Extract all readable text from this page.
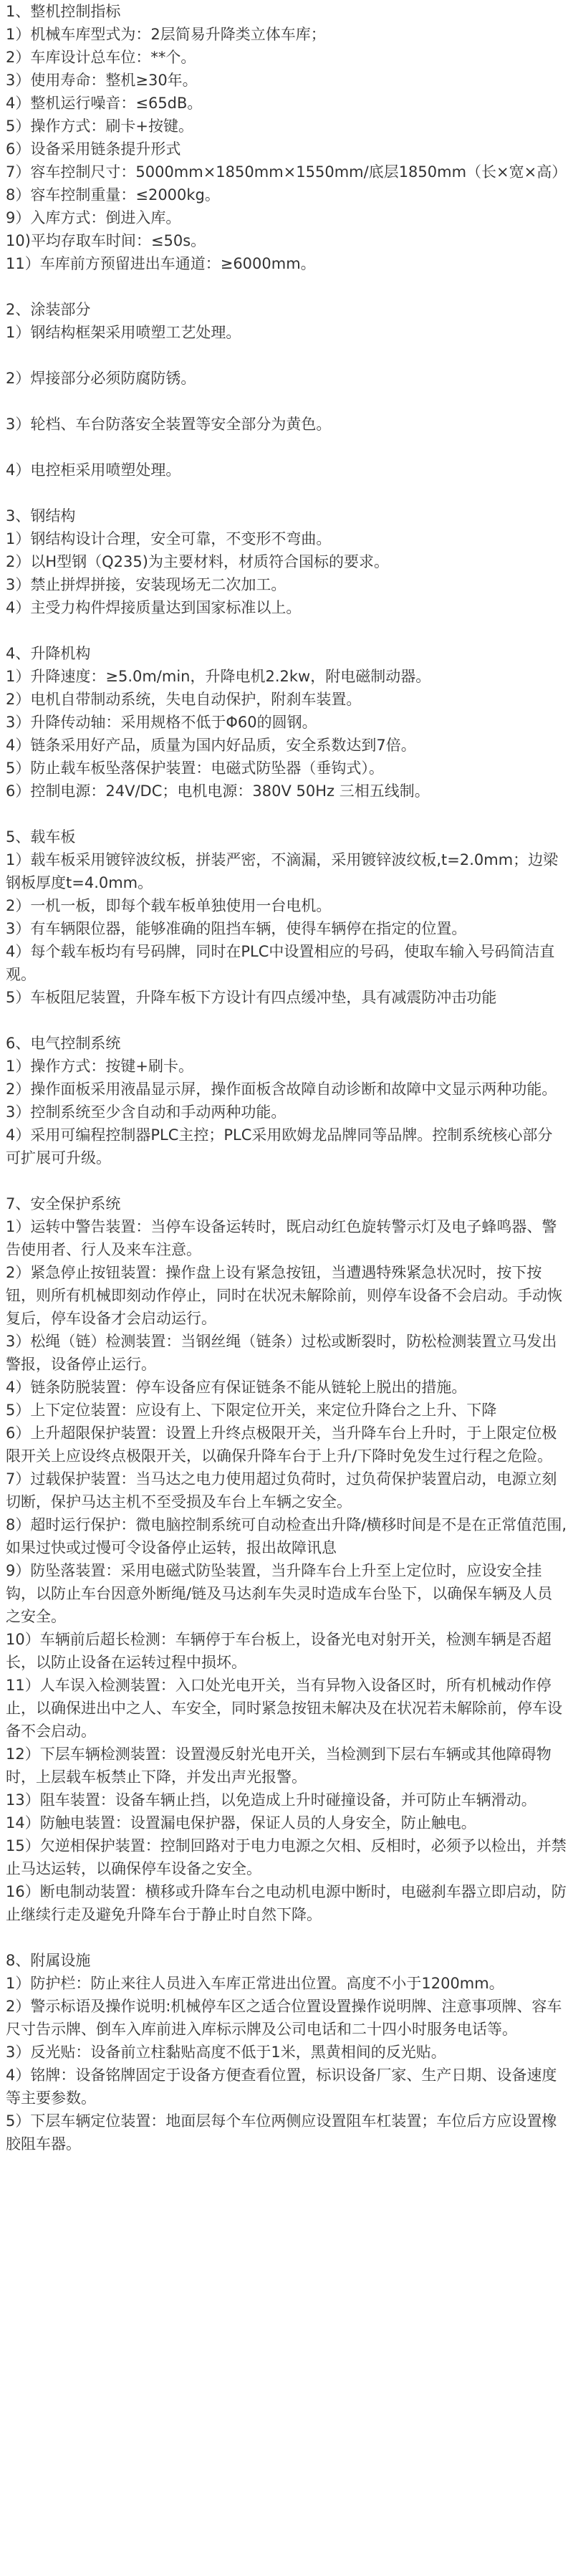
1、整机控制指标
1）机械车库型式为：2层简易升降类立体车库；
2）车库设计总车位：**个。
3）使用寿命：整机≥30年。
4）整机运行噪音：≤65dB。
5）操作方式：刷卡+按键。
6）设备采用链条提升形式
7）容车控制尺寸：5000mm×1850mm×1550mm/底层1850mm（长×宽×高）
8）容车控制重量：≤2000kg。
9）入库方式：倒进入库。
10)平均存取车时间：≤50s。
11）车库前方预留进出车通道：≥6000mm。
2、涂装部分
1）钢结构框架采用喷塑工艺处理。
2）焊接部分必须防腐防锈。
3）轮档、车台防落安全装置等安全部分为黄色。
4）电控柜采用喷塑处理。
3、钢结构
1）钢结构设计合理，安全可靠，不变形不弯曲。
2）以H型钢（Q235)为主要材料，材质符合国标的要求。
3）禁止拼焊拼接，安装现场无二次加工。
4）主受力构件焊接质量达到国家标准以上。
4、升降机构
1）升降速度：≥5.0m/min，升降电机2.2kw，附电磁制动器。
2）电机自带制动系统，失电自动保护，附刹车装置。
3）升降传动轴：采用规格不低于Φ60的圆钢。
4）链条采用好产品，质量为国内好品质，安全系数达到7倍。
5）防止载车板坠落保护装置：电磁式防坠器（垂钩式）。
6）控制电源：24V/DC；电机电源：380V 50Hz 三相五线制。
5、载车板
1）载车板采用镀锌波纹板，拼装严密，不滴漏，采用镀锌波纹板,t=2.0mm；边梁钢板厚度t=4.0mm。
2）一机一板，即每个载车板单独使用一台电机。
3）有车辆限位器，能够准确的阻挡车辆，使得车辆停在指定的位置。
4）每个载车板均有号码牌，同时在PLC中设置相应的号码，使取车输入号码简洁直观。
5）车板阻尼装置，升降车板下方设计有四点缓冲垫，具有减震防冲击功能
6、电气控制系统
1）操作方式：按键+刷卡。
2）操作面板采用液晶显示屏，操作面板含故障自动诊断和故障中文显示两种功能。
3）控制系统至少含自动和手动两种功能。
4）采用可编程控制器PLC主控；PLC采用欧姆龙品牌同等品牌。控制系统核心部分可扩展可升级。
7、安全保护系统
1）运转中警告装置：当停车设备运转时，既启动红色旋转警示灯及电子蜂鸣器、警告使用者、行人及来车注意。
2）紧急停止按钮装置：操作盘上设有紧急按钮，当遭遇特殊紧急状况时，按下按钮，则所有机械即刻动作停止，同时在状况未解除前，则停车设备不会启动。手动恢复后，停车设备才会启动运行。
3）松绳（链）检测装置：当钢丝绳（链条）过松或断裂时，防松检测装置立马发出警报，设备停止运行。
4）链条防脱装置：停车设备应有保证链条不能从链轮上脱出的措施。
5）上下定位装置：应设有上、下限定位开关，来定位升降台之上升、下降
6）上升超限保护装置：设置上升终点极限开关，当升降车台上升时，于上限定位极限开关上应设终点极限开关，以确保升降车台于上升/下降时免发生过行程之危险。
7）过载保护装置：当马达之电力使用超过负荷时，过负荷保护装置启动，电源立刻切断，保护马达主机不至受损及车台上车辆之安全。
8）超时运行保护：微电脑控制系统可自动检查出升降/横移时间是不是在正常值范围,如果过快或过慢可令设备停止运转，报出故障讯息
9）防坠落装置：采用电磁式防坠装置，当升降车台上升至上定位时，应设安全挂钩，以防止车台因意外断绳/链及马达刹车失灵时造成车台坠下，以确保车辆及人员之安全。
10）车辆前后超长检测：车辆停于车台板上，设备光电对射开关，检测车辆是否超长，以防止设备在运转过程中损坏。
11）人车误入检测装置：入口处光电开关，当有异物入设备区时，所有机械动作停止，以确保进出中之人、车安全，同时紧急按钮未解决及在状况若未解除前，停车设备不会启动。
12）下层车辆检测装置：设置漫反射光电开关，当检测到下层右车辆或其他障碍物时，上层载车板禁止下降，并发出声光报警。
13）阻车装置：设备车辆止挡，以免造成上升时碰撞设备，并可防止车辆滑动。
14）防触电装置：设置漏电保护器，保证人员的人身安全，防止触电。
15）欠逆相保护装置：控制回路对于电力电源之欠相、反相时，必须予以检出，并禁止马达运转，以确保停车设备之安全。
16）断电制动装置：横移或升降车台之电动机电源中断时，电磁刹车器立即启动，防止继续行走及避免升降车台于静止时自然下降。
8、附属设施
1）防护栏：防止来往人员进入车库正常进出位置。高度不小于1200mm。
2）警示标语及操作说明:机械停车区之适合位置设置操作说明牌、注意事项牌、容车尺寸告示牌、倒车入库前进入库标示牌及公司电话和二十四小时服务电话等。
3）反光贴：设备前立柱黏贴高度不低于1米，黑黄相间的反光贴。
4）铭牌：设备铭牌固定于设备方便查看位置，标识设备厂家、生产日期、设备速度等主要参数。
5）下层车辆定位装置：地面层每个车位两侧应设置阻车杠装置；车位后方应设置橡胶阻车器。
